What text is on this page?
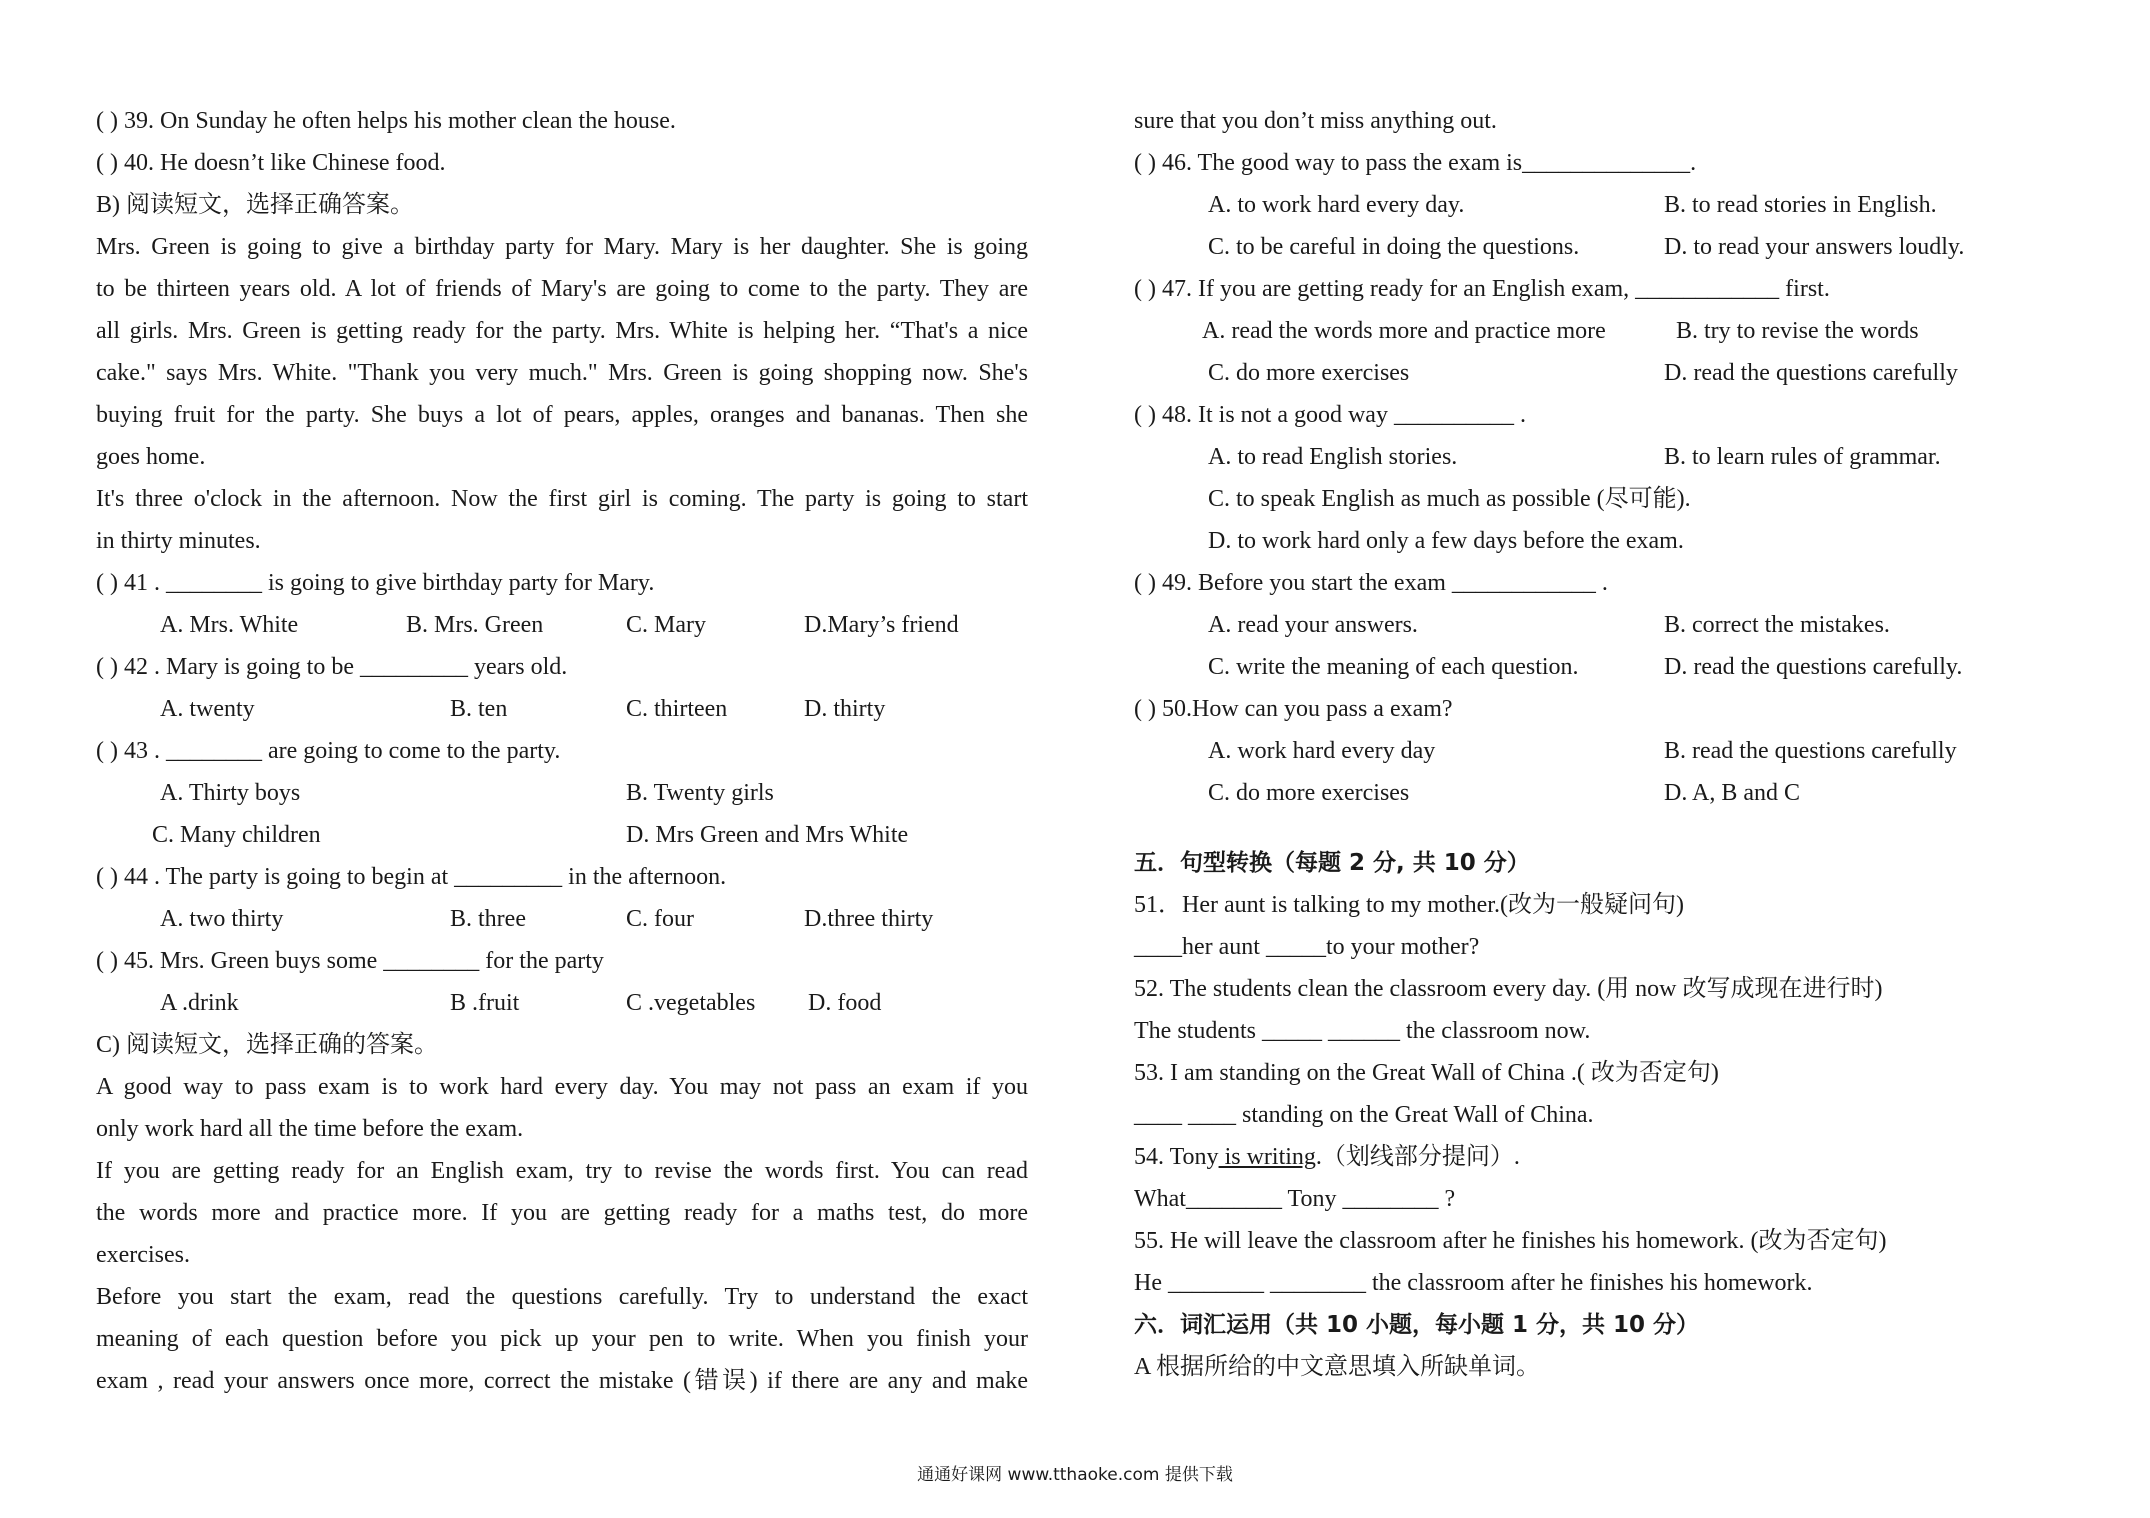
( ) 39. On Sunday he often helps his mother clean the house.
( ) 40. He doesn’t like Chinese food.
B) 阅读短文，选择正确答案。
Mrs. Green is going to give a birthday party for Mary. Mary is her daughter. She is going
to be thirteen years old. A lot of friends of Mary's are going to come to the party. They are
all girls. Mrs. Green is getting ready for the party. Mrs. White is helping her. “That's a nice
cake." says Mrs. White. "Thank you very much." Mrs. Green is going shopping now. She's
buying fruit for the party. She buys a lot of pears, apples, oranges and bananas. Then she
goes home.
It's three o'clock in the afternoon. Now the first girl is coming. The party is going to start
in thirty minutes.
( ) 41 . ________ is going to give birthday party for Mary.
A. Mrs. White	B. Mrs. Green	C. Mary	D.Mary’s friend
( ) 42 . Mary is going to be _________ years old.
A. twenty	B. ten	C. thirteen	D. thirty
( ) 43 . ________ are going to come to the party.
A. Thirty boys	B. Twenty girls
C. Many children	D. Mrs Green and Mrs White
( ) 44 . The party is going to begin at _________ in the afternoon.
A. two thirty	B. three	C. four	D.three thirty
( ) 45. Mrs. Green buys some ________ for the party
A .drink	B .fruit	C .vegetables D. food
C) 阅读短文，选择正确的答案。
A good way to pass exam is to work hard every day. You may not pass an exam if you
only work hard all the time before the exam.
If you are getting ready for an English exam, try to revise the words first. You can read
the words more and practice more. If you are getting ready for a maths test, do more
exercises.
Before you start the exam, read the questions carefully. Try to understand the exact
meaning of each question before you pick up your pen to write. When you finish your
exam , read your answers once more, correct the mistake (错误) if there are any and make
sure that you don’t miss anything out.
( ) 46. The good way to pass the exam is______________.
A. to work hard every day.	B. to read stories in English.
C. to be careful in doing the questions.	D. to read your answers loudly.
( ) 47. If you are getting ready for an English exam, ____________ first.
A. read the words more and practice more	B. try to revise the words
C. do more exercises	D. read the questions carefully
( ) 48. It is not a good way __________ .
A. to read English stories.	B. to learn rules of grammar.
C. to speak English as much as possible (尽可能).
D. to work hard only a few days before the exam.
( ) 49. Before you start the exam ____________ .
A. read your answers.	B. correct the mistakes.
C. write the meaning of each question.	D. read the questions carefully.
( ) 50.How can you pass a exam?
A. work hard every day	B. read the questions carefully
C. do more exercises	D. A, B and C
五．句型转换（每题 2 分, 共 10 分）
51．Her aunt is talking to my mother.(改为一般疑问句)
____her aunt _____to your mother?
52. The students clean the classroom every day. (用 now 改写成现在进行时)
The students _____ ______ the classroom now.
53. I am standing on the Great Wall of China .( 改为否定句)
____ ____ standing on the Great Wall of China.
54. Tony is writing.（划线部分提问）.
What________ Tony ________ ?
55. He will leave the classroom after he finishes his homework. (改为否定句)
He ________ ________ the classroom after he finishes his homework.
六．词汇运用（共 10 小题，每小题 1 分，共 10 分）
A 根据所给的中文意思填入所缺单词。
通通好课网 www.tthaoke.com 提供下载
